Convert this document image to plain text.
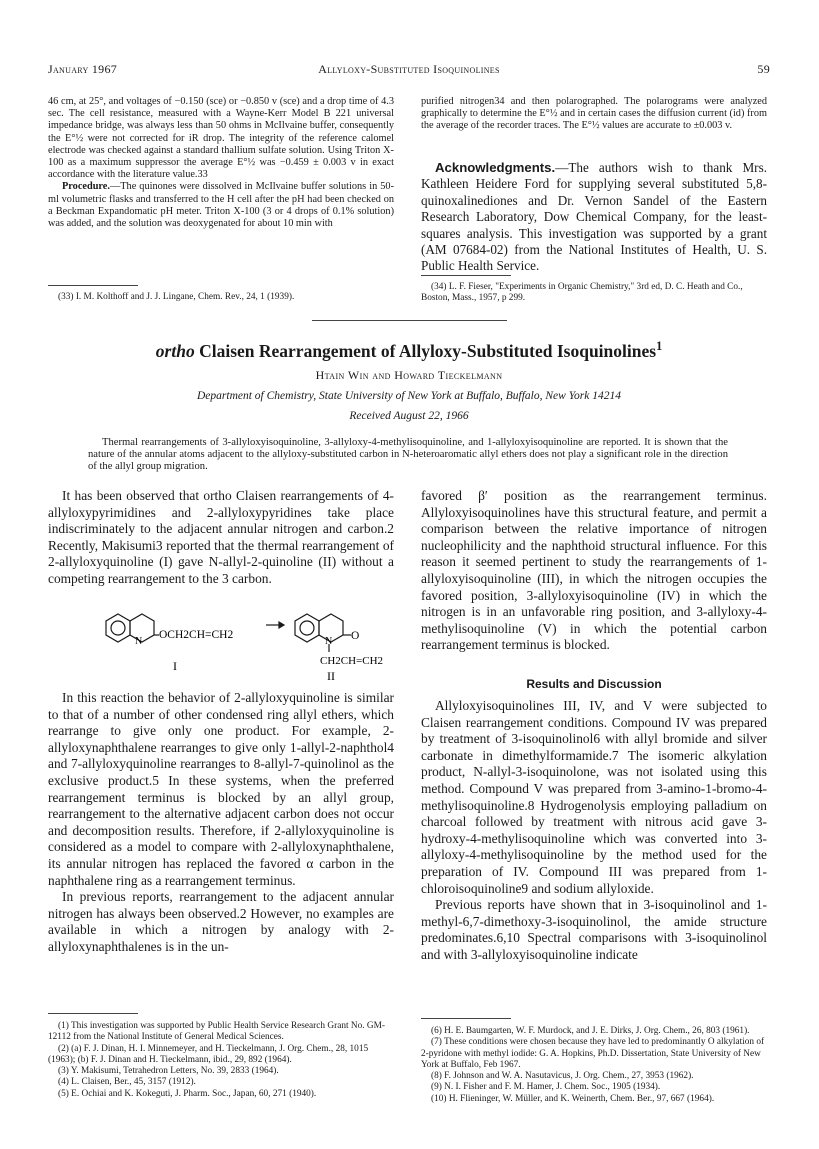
January 1967	Allyloxy-Substituted Isoquinolines	59

46 cm, at 25°, and voltages of −0.150 (sce) or −0.850 v (sce) and a drop time of 4.3 sec. The cell resistance, measured with a Wayne-Kerr Model B 221 universal impedance bridge, was always less than 50 ohms in McIlvaine buffer, consequently the E°½ were not corrected for iR drop. The integrity of the reference calomel electrode was checked against a standard thallium sulfate solution. Using Triton X-100 as a maximum suppressor the average E°½ was −0.459 ± 0.003 v in exact accordance with the literature value.33

Procedure.—The quinones were dissolved in McIlvaine buffer solutions in 50-ml volumetric flasks and transferred to the H cell after the pH had been checked on a Beckman Expandomatic pH meter. Triton X-100 (3 or 4 drops of 0.1% solution) was added, and the solution was deoxygenated for about 10 min with

purified nitrogen34 and then polarographed. The polarograms were analyzed graphically to determine the E°½ and in certain cases the diffusion current (id) from the average of the recorder traces. The E°½ values are accurate to ±0.003 v.

Acknowledgments.—The authors wish to thank Mrs. Kathleen Heidere Ford for supplying several substituted 5,8-quinoxalinediones and Dr. Vernon Sandel of the Eastern Research Laboratory, Dow Chemical Company, for the least-squares analysis. This investigation was supported by a grant (AM 07684-02) from the National Institutes of Health, U. S. Public Health Service.

(33) I. M. Kolthoff and J. J. Lingane, Chem. Rev., 24, 1 (1939).

(34) L. F. Fieser, "Experiments in Organic Chemistry," 3rd ed, D. C. Heath and Co., Boston, Mass., 1957, p 299.

ortho Claisen Rearrangement of Allyloxy-Substituted Isoquinolines$^1$
Htain Win and Howard Tieckelmann
Department of Chemistry, State University of New York at Buffalo, Buffalo, New York 14214
Received August 22, 1966

Thermal rearrangements of 3-allyloxyisoquinoline, 3-allyloxy-4-methylisoquinoline, and 1-allyloxyisoquinoline are reported. It is shown that the nature of the annular atoms adjacent to the allyloxy-substituted carbon in N-heteroaromatic allyl ethers does not play a significant role in the direction of the allyl group migration.

It has been observed that ortho Claisen rearrangements of 4-allyloxypyrimidines and 2-allyloxypyridines take place indiscriminately to the adjacent annular nitrogen and carbon.2 Recently, Makisumi3 reported that the thermal rearrangement of 2-allyloxyquinoline (I) gave N-allyl-2-quinoline (II) without a competing rearrangement to the 3 carbon.

N
OCH2CH=CH2
I
N O
CH2CH=CH2
II

In this reaction the behavior of 2-allyloxyquinoline is similar to that of a number of other condensed ring allyl ethers, which rearrange to give only one product. For example, 2-allyloxynaphthalene rearranges to give only 1-allyl-2-naphthol4 and 7-allyloxyquinoline rearranges to 8-allyl-7-quinolinol as the exclusive product.5 In these systems, when the preferred rearrangement terminus is blocked by an allyl group, rearrangement to the alternative adjacent carbon does not occur and decomposition results. Therefore, if 2-allyloxyquinoline is considered as a model to compare with 2-allyloxynaphthalene, its annular nitrogen has replaced the favored α carbon in the naphthalene ring as a rearrangement terminus.

In previous reports, rearrangement to the adjacent annular nitrogen has always been observed.2 However, no examples are available in which a nitrogen by analogy with 2-allyloxynaphthalenes is in the un-

(1) This investigation was supported by Public Health Service Research Grant No. GM-12112 from the National Institute of General Medical Sciences.

(2) (a) F. J. Dinan, H. I. Minnemeyer, and H. Tieckelmann, J. Org. Chem., 28, 1015 (1963); (b) F. J. Dinan and H. Tieckelmann, ibid., 29, 892 (1964).

(3) Y. Makisumi, Tetrahedron Letters, No. 39, 2833 (1964).

(4) L. Claisen, Ber., 45, 3157 (1912).

(5) E. Ochiai and K. Kokeguti, J. Pharm. Soc., Japan, 60, 271 (1940).

favored β′ position as the rearrangement terminus. Allyloxyisoquinolines have this structural feature, and permit a comparison between the relative importance of nitrogen nucleophilicity and the naphthoid structural influence. For this reason it seemed pertinent to study the rearrangements of 1-allyloxyisoquinoline (III), in which the nitrogen occupies the favored position, 3-allyloxyisoquinoline (IV) in which the nitrogen is in an unfavorable ring position, and 3-allyloxy-4-methylisoquinoline (V) in which the potential carbon rearrangement terminus is blocked.

Results and Discussion

Allyloxyisoquinolines III, IV, and V were subjected to Claisen rearrangement conditions. Compound IV was prepared by treatment of 3-isoquinolinol6 with allyl bromide and silver carbonate in dimethylformamide.7 The isomeric alkylation product, N-allyl-3-isoquinolone, was not isolated using this method. Compound V was prepared from 3-amino-1-bromo-4-methylisoquinoline.8 Hydrogenolysis employing palladium on charcoal followed by treatment with nitrous acid gave 3-hydroxy-4-methylisoquinoline which was converted into 3-allyloxy-4-methylisoquinoline by the method used for the preparation of IV. Compound III was prepared from 1-chloroisoquinoline9 and sodium allyloxide.

Previous reports have shown that in 3-isoquinolinol and 1-methyl-6,7-dimethoxy-3-isoquinolinol, the amide structure predominates.6,10 Spectral comparisons with 3-isoquinolinol and with 3-allyloxyisoquinoline indicate

(6) H. E. Baumgarten, W. F. Murdock, and J. E. Dirks, J. Org. Chem., 26, 803 (1961).

(7) These conditions were chosen because they have led to predominantly O alkylation of 2-pyridone with methyl iodide: G. A. Hopkins, Ph.D. Dissertation, State University of New York at Buffalo, Feb 1967.

(8) F. Johnson and W. A. Nasutavicus, J. Org. Chem., 27, 3953 (1962).

(9) N. I. Fisher and F. M. Hamer, J. Chem. Soc., 1905 (1934).

(10) H. Flieninger, W. Müller, and K. Weinerth, Chem. Ber., 97, 667 (1964).
